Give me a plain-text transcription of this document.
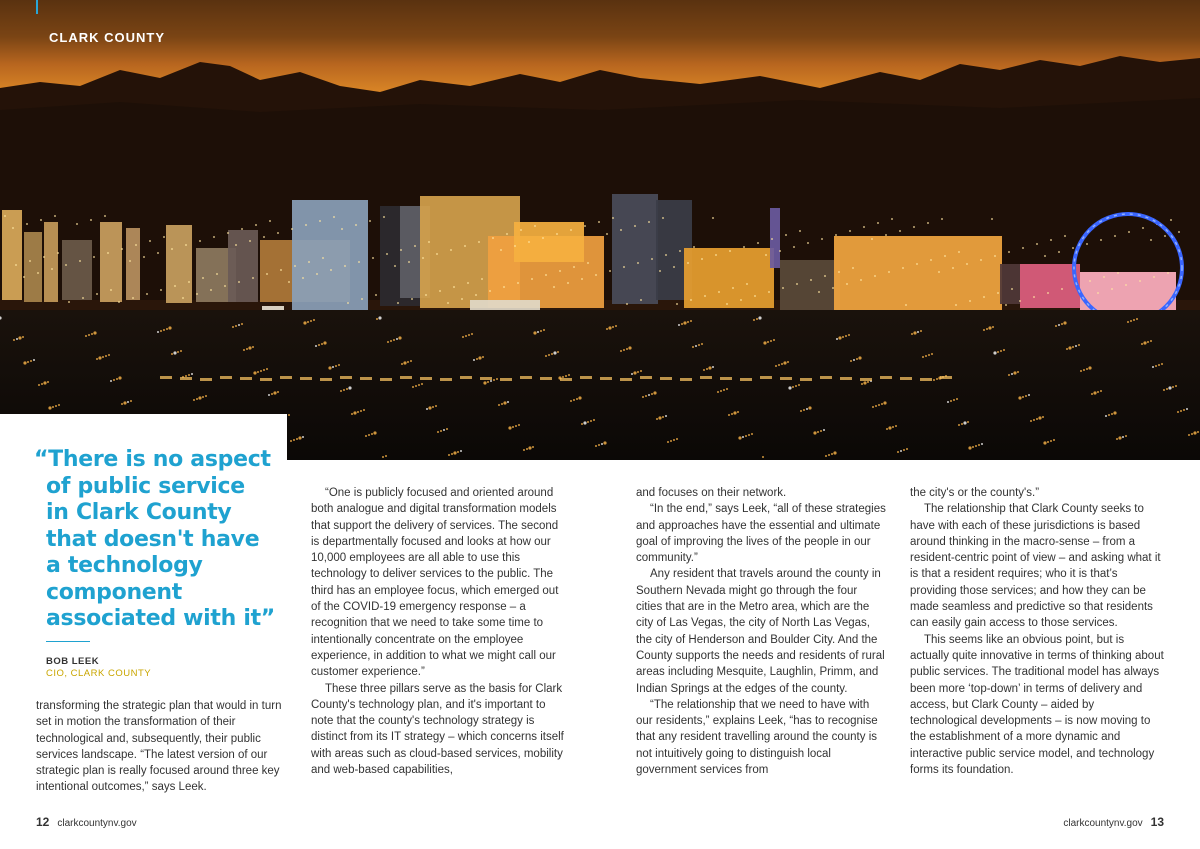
CLARK COUNTY
“There is no aspect
of public service
in Clark County
that doesn't have
a technology
component
associated with it”
BOB LEEK
CIO, CLARK COUNTY

transforming the strategic plan that would in turn set in motion the transformation of their technological and, subsequently, their public services landscape. “The latest version of our strategic plan is really focused around three key intentional outcomes,” says Leek.

“One is publicly focused and oriented around both analogue and digital transformation models that support the delivery of services. The second is departmentally focused and looks at how our 10,000 employees are all able to use this technology to deliver services to the public. The third has an employee focus, which emerged out of the COVID-19 emergency response – a recognition that we need to take some time to intentionally concentrate on the employee experience, in addition to what we might call our customer experience.”

These three pillars serve as the basis for Clark County's technology plan, and it's important to note that the county's technology strategy is distinct from its IT strategy – which concerns itself with areas such as cloud-based services, mobility and web-based capabilities,

and focuses on their network.

“In the end,” says Leek, “all of these strategies and approaches have the essential and ultimate goal of improving the lives of the people in our community.”

Any resident that travels around the county in Southern Nevada might go through the four cities that are in the Metro area, which are the city of Las Vegas, the city of North Las Vegas, the city of Henderson and Boulder City. And the County supports the needs and residents of rural areas including Mesquite, Laughlin, Primm, and Indian Springs at the edges of the county.

“The relationship that we need to have with our residents,” explains Leek, “has to recognise that any resident travelling around the county is not intuitively going to distinguish local government services from

the city's or the county's.”

The relationship that Clark County seeks to have with each of these jurisdictions is based around thinking in the macro-sense – from a resident-centric point of view – and asking what it is that a resident requires; who it is that’s providing those services; and how they can be made seamless and predictive so that residents can easily gain access to those services.

This seems like an obvious point, but is actually quite innovative in terms of thinking about public services. The traditional model has always been more ‘top-down’ in terms of delivery and access, but Clark County – aided by technological developments – is now moving to the establishment of a more dynamic and interactive public service model, and technology forms its foundation.

12 clarkcountynv.gov	clarkcountynv.gov 13
